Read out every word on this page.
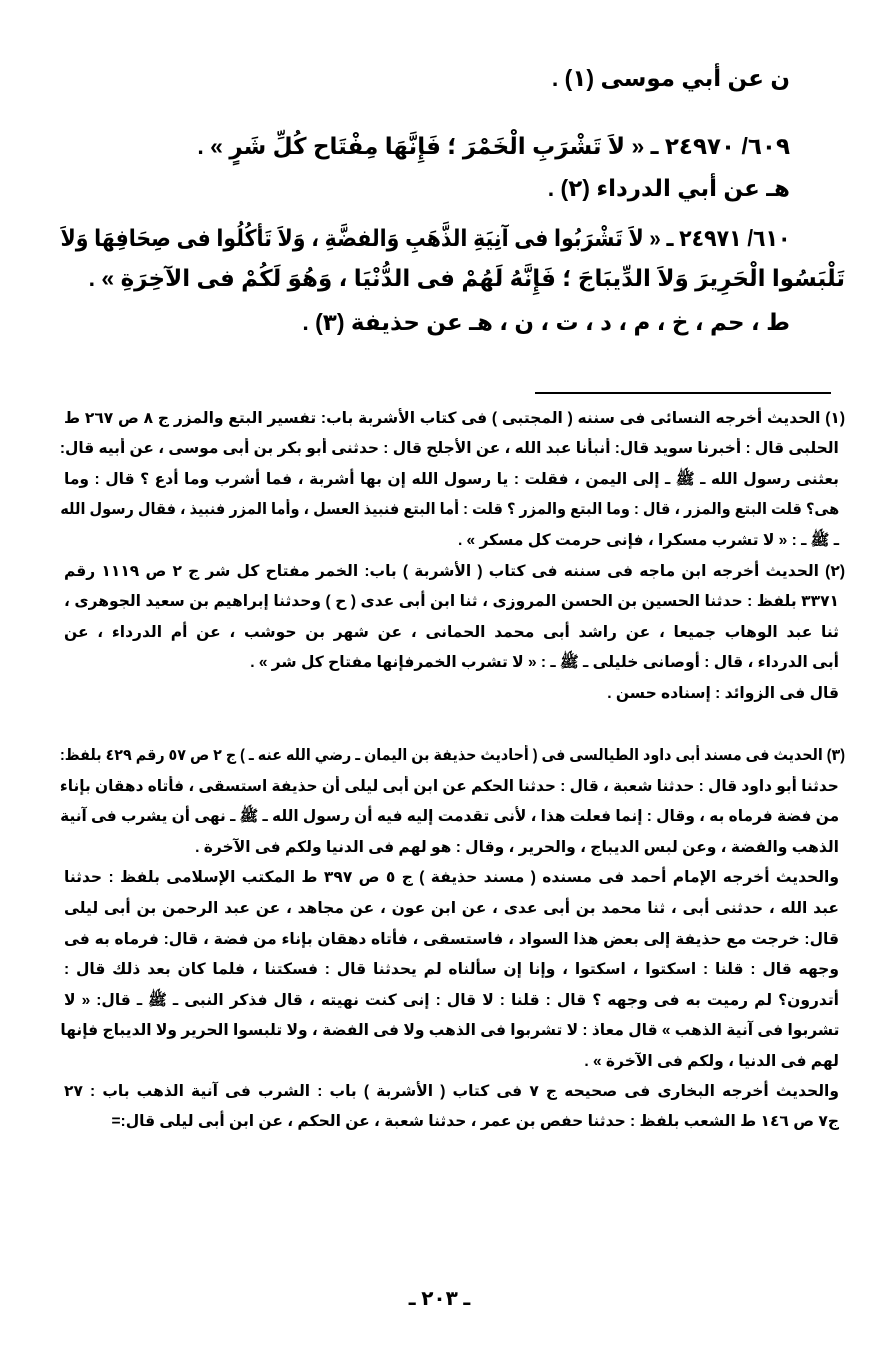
ن عن أبي موسى (١) .
٦٠٩/ ٢٤٩٧٠ ـ « لاَ تَشْرَبِ الْخَمْرَ ؛ فَإِنَّهَا مِفْتَاح كُلِّ شَرٍ » .
هـ عن أبي الدرداء (٢) .
٦١٠/ ٢٤٩٧١ ـ « لاَ تَشْرَبُوا فى آنِيَةِ الذَّهَبِ وَالفضَّةِ ، وَلاَ تَأكُلُوا فى صِحَافِهَا وَلاَ
تَلْبَسُوا الْحَرِيرَ وَلاَ الدِّيبَاجَ ؛ فَإِنَّهُ لَهُمْ فى الدُّنْيَا ، وَهُوَ لَكُمْ فى الآخِرَةِ » .
ط ، حم ، خ ، م ، د ، ت ، ن ، هـ عن حذيفة (٣) .
(١) الحديث أخرجه النسائى فى سننه ( المجتبى ) فى كتاب الأشربة باب: تفسير البتع والمزر ج ٨ ص ٢٦٧ ط
الحلبى قال : أخبرنا سويد قال: أنبأنا عبد الله ، عن الأجلح قال : حدثنى أبو بكر بن أبى موسى ، عن أبيه قال:
بعثنى رسول الله ـ ﷺ ـ إلى اليمن ، فقلت : يا رسول الله إن بها أشربة ، فما أشرب وما أدع ؟ قال : وما
هى؟ قلت البتع والمزر ، قال : وما البتع والمزر ؟ قلت : أما البتع فنبيذ العسل ، وأما المزر فنبيذ ، فقال رسول الله
ـ ﷺ ـ : « لا تشرب مسكرا ، فإنى حرمت كل مسكر » .
(٢) الحديث أخرجه ابن ماجه فى سننه فى كتاب ( الأشربة ) باب: الخمر مفتاح كل شر ج ٢ ص ١١١٩ رقم
٣٣٧١ بلفظ : حدثنا الحسين بن الحسن المروزى ، ثنا ابن أبى عدى ( ح ) وحدثنا إبراهيم بن سعيد الجوهرى ،
ثنا عبد الوهاب جميعا ، عن راشد أبى محمد الحمانى ، عن شهر بن حوشب ، عن أم الدرداء ، عن
أبى الدرداء ، قال : أوصانى خليلى ـ ﷺ ـ : « لا تشرب الخمرفإنها مفتاح كل شر » .
قال فى الزوائد : إسناده حسن .
(٣) الحديث فى مسند أبى داود الطيالسى فى ( أحاديث حذيفة بن اليمان ـ رضي الله عنه ـ ) ج ٢ ص ٥٧ رقم ٤٢٩ بلفظ:
حدثنا أبو داود قال : حدثنا شعبة ، قال : حدثنا الحكم عن ابن أبى ليلى أن حذيفة استسقى ، فأتاه دهقان بإناء
من فضة فرماه به ، وقال : إنما فعلت هذا ، لأنى تقدمت إليه فيه أن رسول الله ـ ﷺ ـ نهى أن يشرب فى آنية
الذهب والفضة ، وعن لبس الديباج ، والحرير ، وقال : هو لهم فى الدنيا ولكم فى الآخرة .
والحديث أخرجه الإمام أحمد فى مسنده ( مسند حذيفة ) ج ٥ ص ٣٩٧ ط المكتب الإسلامى بلفظ : حدثنا
عبد الله ، حدثنى أبى ، ثنا محمد بن أبى عدى ، عن ابن عون ، عن مجاهد ، عن عبد الرحمن بن أبى ليلى
قال: خرجت مع حذيفة إلى بعض هذا السواد ، فاستسقى ، فأتاه دهقان بإناء من فضة ، قال: فرماه به فى
وجهه قال : قلنا : اسكتوا ، اسكتوا ، وإنا إن سألناه لم يحدثنا قال : فسكتنا ، فلما كان بعد ذلك قال :
أتدرون؟ لم رميت به فى وجهه ؟ قال : قلنا : لا قال : إنى كنت نهيته ، قال فذكر النبى ـ ﷺ ـ قال: « لا
تشربوا فى آنية الذهب » قال معاذ : لا تشربوا فى الذهب ولا فى الفضة ، ولا تلبسوا الحرير ولا الديباج فإنها
لهم فى الدنيا ، ولكم فى الآخرة » .
والحديث أخرجه البخارى فى صحيحه ج ٧ فى كتاب ( الأشربة ) باب : الشرب فى آنية الذهب باب : ٢٧
ج٧ ص ١٤٦ ط الشعب بلفظ : حدثنا حفص بن عمر ، حدثنا شعبة ، عن الحكم ، عن ابن أبى ليلى قال:=
ـ ٢٠٣ ـ
